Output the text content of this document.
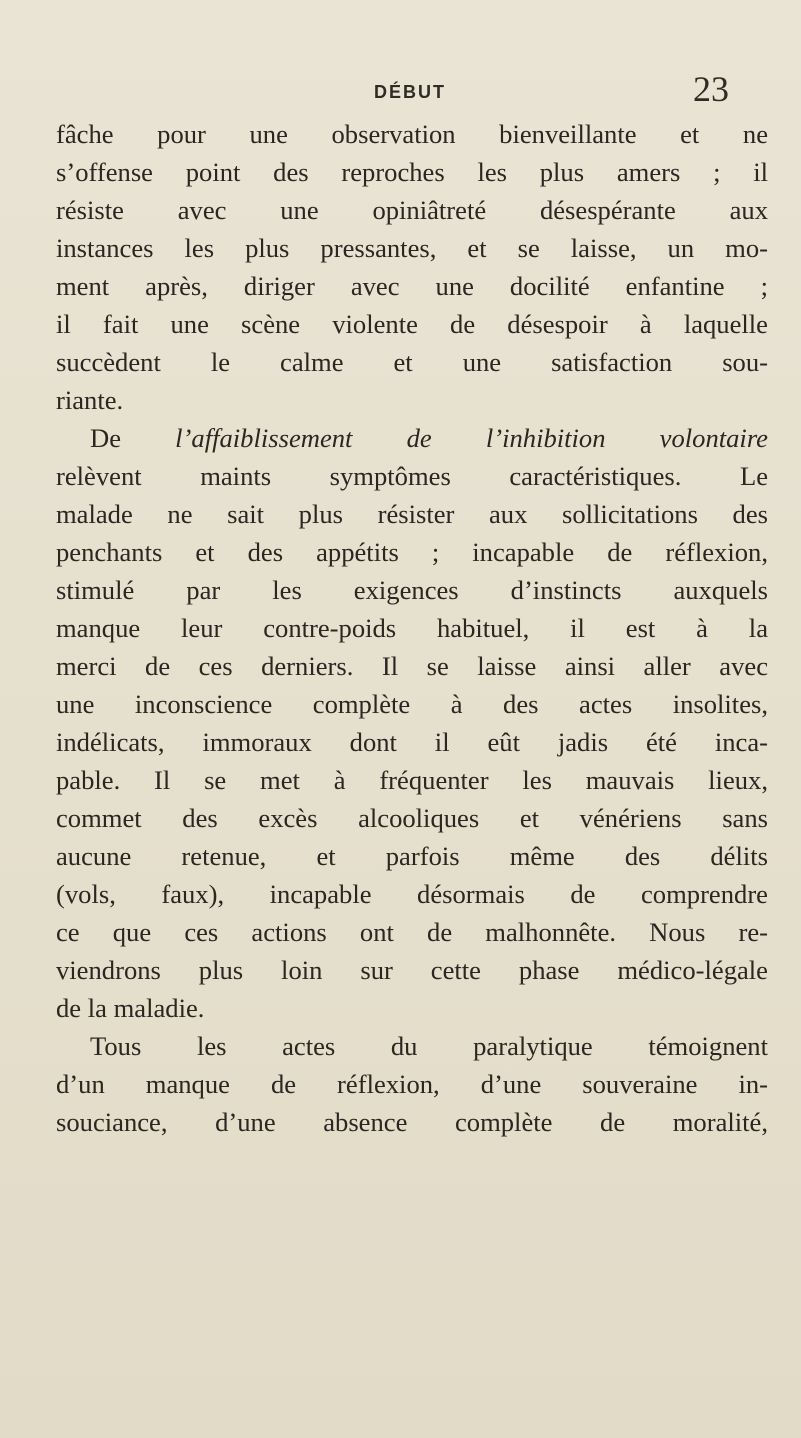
DÉBUT	23
fâche pour une observation bienveillante et ne
s’offense point des reproches les plus amers ; il
résiste avec une opiniâtreté désespérante aux
instances les plus pressantes, et se laisse, un mo-
ment après, diriger avec une docilité enfantine ;
il fait une scène violente de désespoir à laquelle
succèdent le calme et une satisfaction sou-
riante.
De l’affaiblissement de l’inhibition volontaire
relèvent maints symptômes caractéristiques. Le
malade ne sait plus résister aux sollicitations des
penchants et des appétits ; incapable de réflexion,
stimulé par les exigences d’instincts auxquels
manque leur contre-poids habituel, il est à la
merci de ces derniers. Il se laisse ainsi aller avec
une inconscience complète à des actes insolites,
indélicats, immoraux dont il eût jadis été inca-
pable. Il se met à fréquenter les mauvais lieux,
commet des excès alcooliques et vénériens sans
aucune retenue, et parfois même des délits
(vols, faux), incapable désormais de comprendre
ce que ces actions ont de malhonnête. Nous re-
viendrons plus loin sur cette phase médico-légale
de la maladie.
Tous les actes du paralytique témoignent
d’un manque de réflexion, d’une souveraine in-
souciance, d’une absence complète de moralité,
